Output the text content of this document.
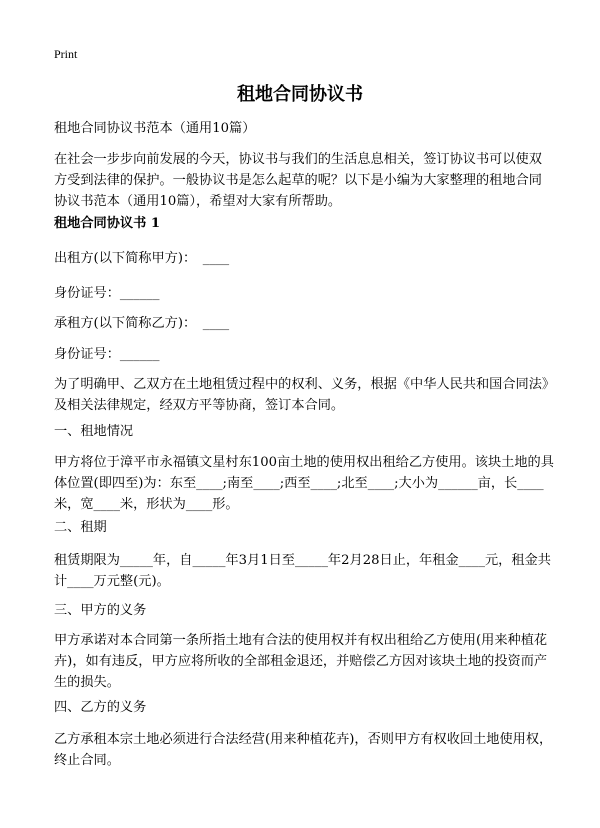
Print
租地合同协议书
租地合同协议书范本（通用10篇）
在社会一步步向前发展的今天，协议书与我们的生活息息相关，签订协议书可以使双方受到法律的保护。一般协议书是怎么起草的呢？以下是小编为大家整理的租地合同协议书范本（通用10篇），希望对大家有所帮助。
租地合同协议书 1
出租方(以下简称甲方)：　____
身份证号：______
承租方(以下简称乙方)：　____
身份证号：______
为了明确甲、乙双方在土地租赁过程中的权利、义务，根据《中华人民共和国合同法》及相关法律规定，经双方平等协商，签订本合同。
一、租地情况
甲方将位于漳平市永福镇文星村东100亩土地的使用权出租给乙方使用。该块土地的具体位置(即四至)为：东至____;南至____;西至____;北至____;大小为______亩，长____米，宽____米，形状为____形。
二、租期
租赁期限为_____年，自_____年3月1日至_____年2月28日止，年租金____元，租金共计____万元整(元)。
三、甲方的义务
甲方承诺对本合同第一条所指土地有合法的使用权并有权出租给乙方使用(用来种植花卉)，如有违反，甲方应将所收的全部租金退还，并赔偿乙方因对该块土地的投资而产生的损失。
四、乙方的义务
乙方承租本宗土地必须进行合法经营(用来种植花卉)，否则甲方有权收回土地使用权，终止合同。
